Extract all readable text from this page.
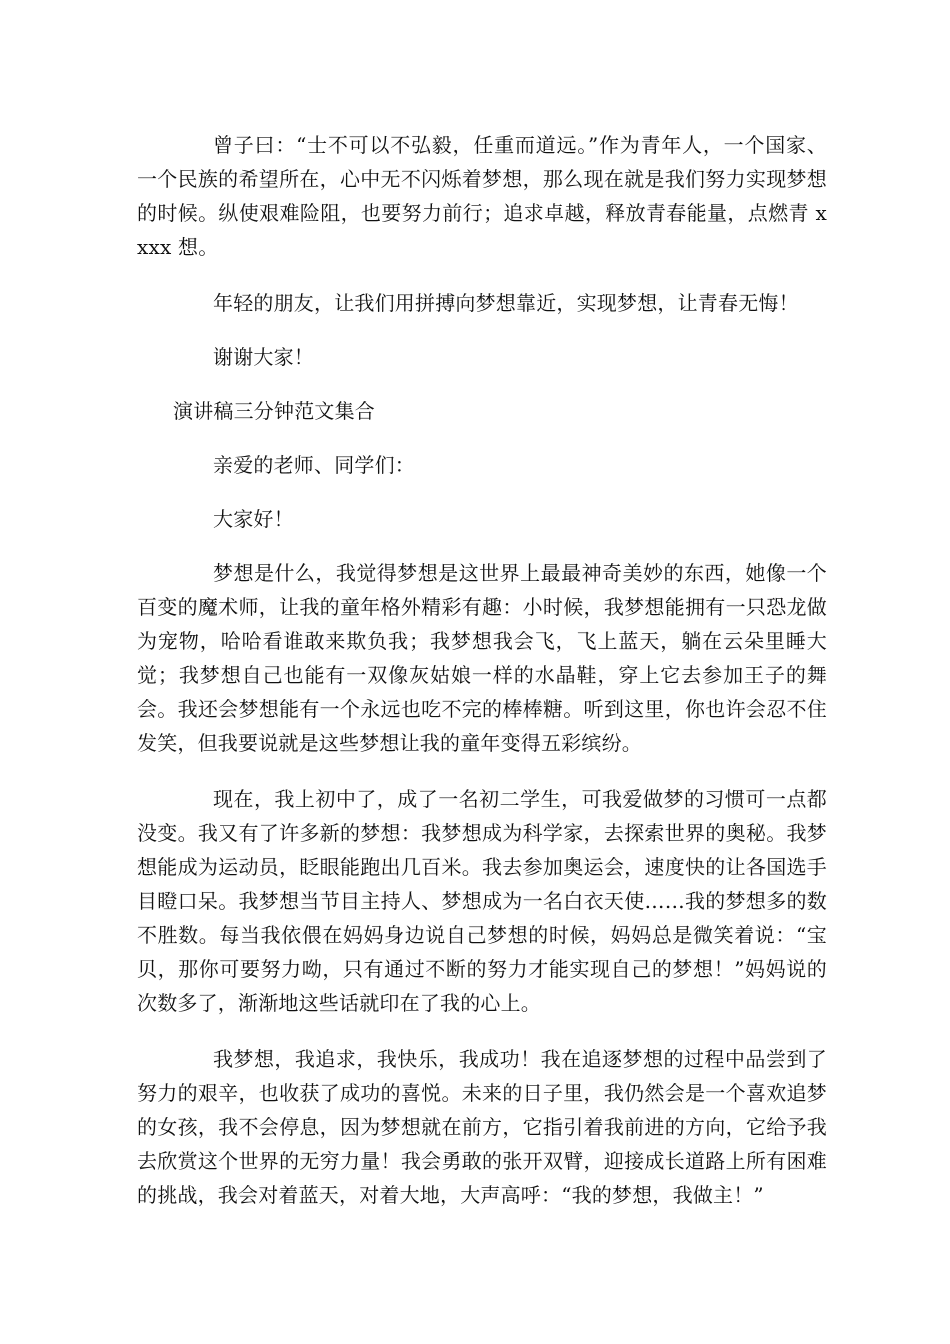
曾子曰：“士不可以不弘毅，任重而道远。”作为青年人，一个国家、一个民族的希望所在，心中无不闪烁着梦想，那么现在就是我们努力实现梦想的时候。纵使艰难险阻，也要努力前行；追求卓越，释放青春能量，点燃青 xxxx 想。

年轻的朋友，让我们用拼搏向梦想靠近，实现梦想，让青春无悔！

谢谢大家！

演讲稿三分钟范文集合

亲爱的老师、同学们：

大家好！

梦想是什么，我觉得梦想是这世界上最最神奇美妙的东西，她像一个百变的魔术师，让我的童年格外精彩有趣：小时候，我梦想能拥有一只恐龙做为宠物，哈哈看谁敢来欺负我；我梦想我会飞，飞上蓝天，躺在云朵里睡大觉；我梦想自己也能有一双像灰姑娘一样的水晶鞋，穿上它去参加王子的舞会。我还会梦想能有一个永远也吃不完的棒棒糖。听到这里，你也许会忍不住发笑，但我要说就是这些梦想让我的童年变得五彩缤纷。

现在，我上初中了，成了一名初二学生，可我爱做梦的习惯可一点都没变。我又有了许多新的梦想：我梦想成为科学家，去探索世界的奥秘。我梦想能成为运动员，眨眼能跑出几百米。我去参加奥运会，速度快的让各国选手目瞪口呆。我梦想当节目主持人、梦想成为一名白衣天使……我的梦想多的数不胜数。每当我依偎在妈妈身边说自己梦想的时候，妈妈总是微笑着说：“宝贝，那你可要努力呦，只有通过不断的努力才能实现自己的梦想！”妈妈说的次数多了，渐渐地这些话就印在了我的心上。

我梦想，我追求，我快乐，我成功！我在追逐梦想的过程中品尝到了努力的艰辛，也收获了成功的喜悦。未来的日子里，我仍然会是一个喜欢追梦的女孩，我不会停息，因为梦想就在前方，它指引着我前进的方向，它给予我去欣赏这个世界的无穷力量！我会勇敢的张开双臂，迎接成长道路上所有困难的挑战，我会对着蓝天，对着大地，大声高呼：“我的梦想，我做主！”
